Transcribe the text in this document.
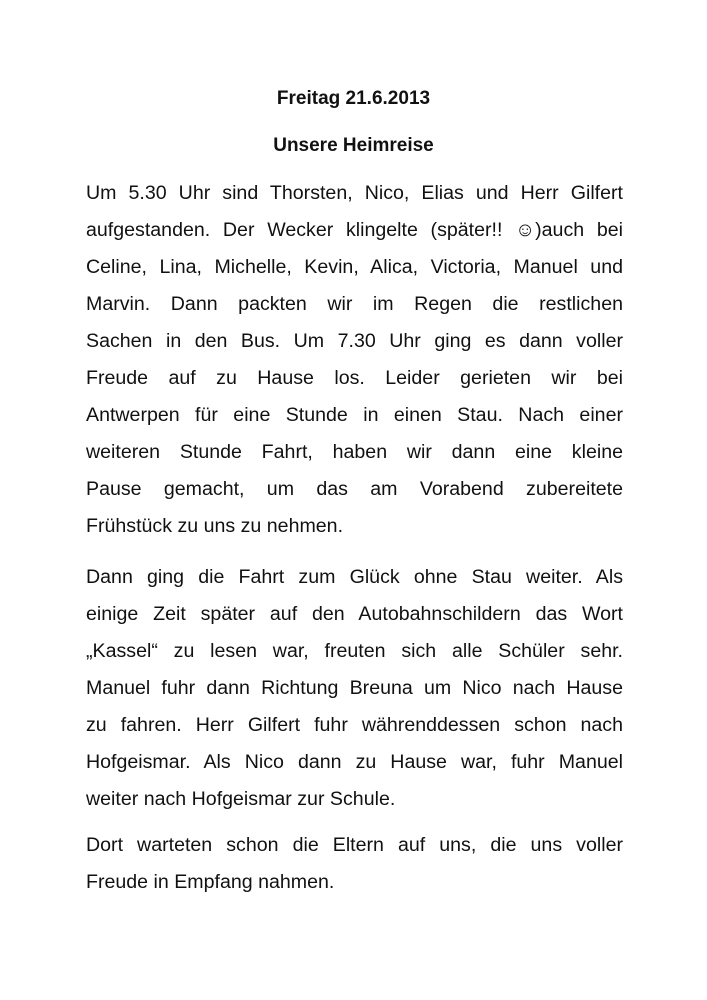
Freitag 21.6.2013
Unsere Heimreise
Um 5.30 Uhr sind Thorsten, Nico, Elias und Herr Gilfert
aufgestanden. Der Wecker klingelte (später!! ☺)auch bei
Celine, Lina, Michelle, Kevin, Alica, Victoria, Manuel und
Marvin. Dann packten wir im Regen die restlichen
Sachen in den Bus. Um 7.30 Uhr ging es dann voller
Freude auf zu Hause los. Leider gerieten wir bei
Antwerpen für eine Stunde in einen Stau. Nach einer
weiteren Stunde Fahrt, haben wir dann eine kleine
Pause gemacht, um das am Vorabend zubereitete
Frühstück zu uns zu nehmen.
Dann ging die Fahrt zum Glück ohne Stau weiter. Als
einige Zeit später auf den Autobahnschildern das Wort
„Kassel“ zu lesen war, freuten sich alle Schüler sehr.
Manuel fuhr dann Richtung Breuna um Nico nach Hause
zu fahren. Herr Gilfert fuhr währenddessen schon nach
Hofgeismar. Als Nico dann zu Hause war, fuhr Manuel
weiter nach Hofgeismar zur Schule.
Dort warteten schon die Eltern auf uns, die uns voller
Freude in Empfang nahmen.
